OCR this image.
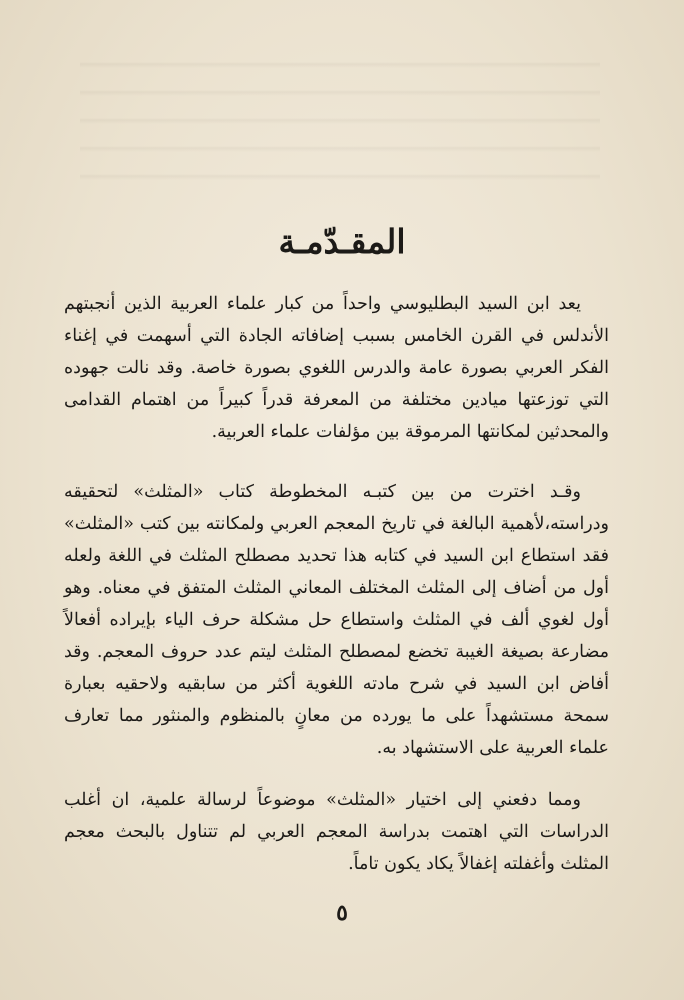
المقـدّمـة

يعد ابن السيد البطليوسي واحداً من كبار علماء العربية الذين أنجبتهم الأندلس في القرن الخامس بسبب إضافاته الجادة التي أسهمت في إغناء الفكر العربي بصورة عامة والدرس اللغوي بصورة خاصة. وقد نالت جهوده التي توزعتها ميادين مختلفة من المعرفة قدراً كبيراً من اهتمام القدامى والمحدثين لمكانتها المرموقة بين مؤلفات علماء العربية.

وقـد اخترت من بين كتبـه المخطوطة كتاب «المثلث» لتحقيقه ودراسته،لأهمية البالغة في تاريخ المعجم العربي ولمكانته بين كتب «المثلث» فقد استطاع ابن السيد في كتابه هذا تحديد مصطلح المثلث في اللغة ولعله أول من أضاف إلى المثلث المختلف المعاني المثلث المتفق في معناه. وهو أول لغوي ألف في المثلث واستطاع حل مشكلة حرف الياء بإيراده أفعالاً مضارعة بصيغة الغيبة تخضع لمصطلح المثلث ليتم عدد حروف المعجم. وقد أفاض ابن السيد في شرح مادته اللغوية أكثر من سابقيه ولاحقيه بعبارة سمحة مستشهداً على ما يورده من معانٍ بالمنظوم والمنثور مما تعارف علماء العربية على الاستشهاد به.

ومما دفعني إلى اختيار «المثلث» موضوعاً لرسالة علمية، ان أغلب الدراسات التي اهتمت بدراسة المعجم العربي لم تتناول بالبحث معجم المثلث وأغفلته إغفالاً يكاد يكون تاماً.

٥
